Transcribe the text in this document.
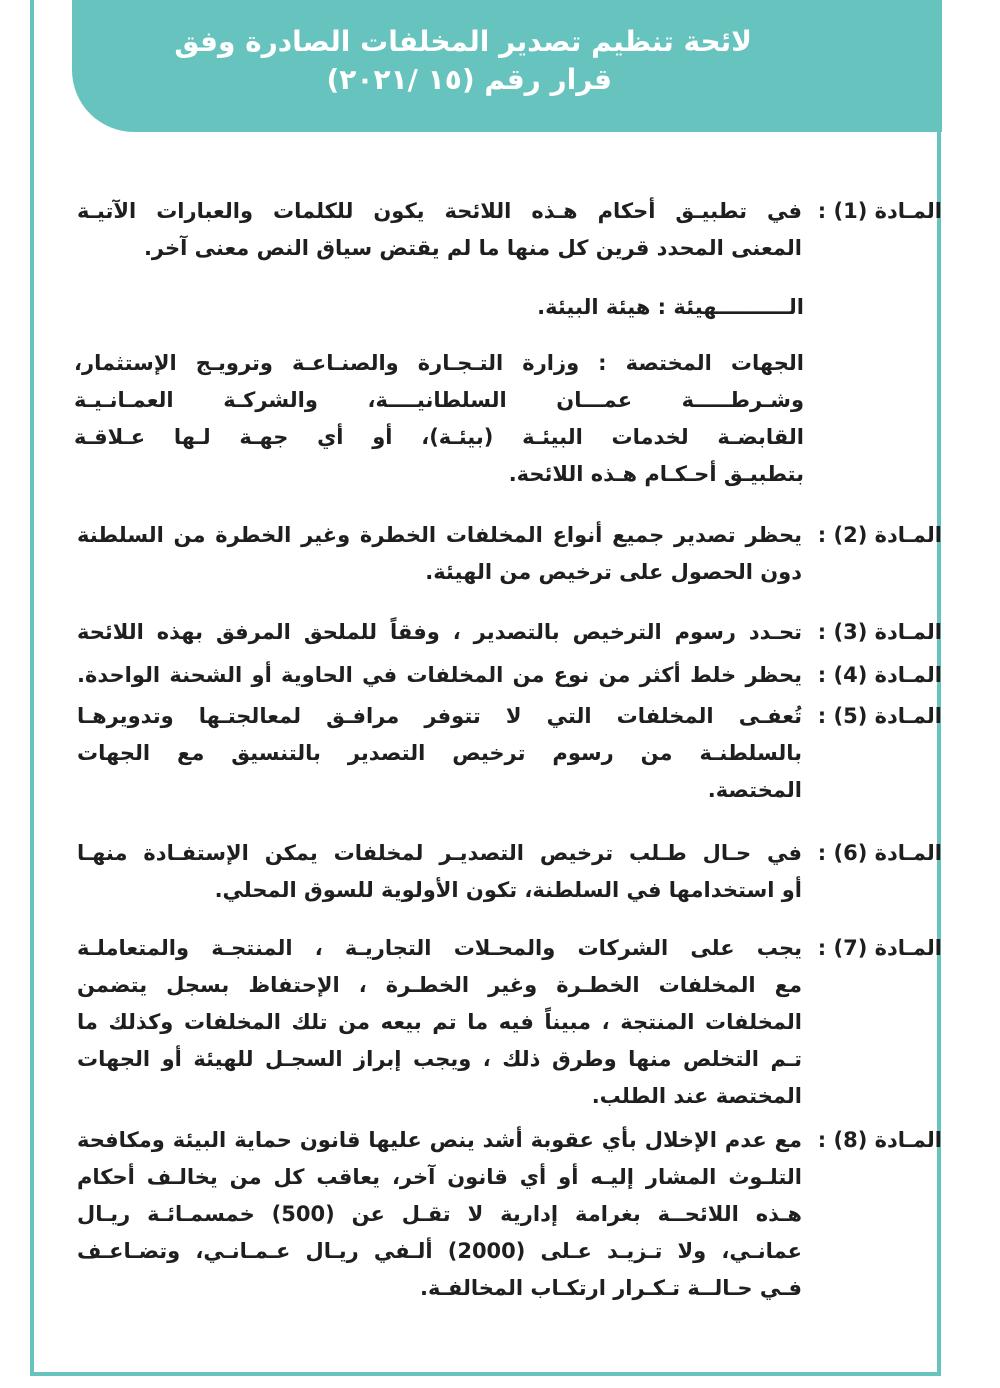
لائحة تنظيم تصدير المخلفات الصادرة وفق
قرار رقم (١٥ /٢٠٢١)
المـادة (1) :
في تطبيـق أحكام هـذه اللائحة يكون للكلمات والعبارات الآتيـة
المعنى المحدد قرين كل منها ما لم يقتض سياق النص معنى آخر.
الــــــــــهيئة : هيئة البيئة.
الجهات المختصة : وزارة التـجـارة والصنـاعـة وترويـج الإستثمار،
وشـرطـــــة عمـــان السلطانيــــة، والشركـة العمـانـيـة
القابضـة لخدمات البيئـة (بيئـة)، أو أي جهـة لـها عـلاقـة
بتطبيـق أحـكـام هـذه اللائحة.
المـادة (2) :
يحظر تصدير جميع أنواع المخلفات الخطرة وغير الخطرة من السلطنة
دون الحصول على ترخيص من الهيئة.
المـادة (3) :
تحـدد رسوم الترخيص بالتصدير ، وفقاً للملحق المرفق بهذه اللائحة
المـادة (4) :
يحظر خلط أكثر من نوع من المخلفات في الحاوية أو الشحنة الواحدة.
المـادة (5) :
تُعفـى المخلفات التي لا تتوفر مرافـق لمعالجتـها وتدويرهـا
بالسلطنـة من رسوم ترخيص التصدير بالتنسيق مع الجهات
المختصة.
المـادة (6) :
في حـال طـلب ترخيص التصديـر لمخلفات يمكن الإستفـادة منهـا
أو استخدامها في السلطنة، تكون الأولوية للسوق المحلي.
المـادة (7) :
يجب على الشركات والمحـلات التجاريـة ، المنتجـة والمتعاملـة
مع المخلفات الخطـرة وغير الخطـرة ، الإحتفاظ بسجل يتضمن
المخلفات المنتجة ، مبيناً فيه ما تم بيعه من تلك المخلفات وكذلك ما
تـم التخلص منها وطرق ذلك ، ويجب إبراز السجـل للهيئة أو الجهات
المختصة عند الطلب.
المـادة (8) :
مع عدم الإخلال بأي عقوبة أشد ينص عليها قانون حماية البيئة ومكافحة
التلـوث المشار إليـه أو أي قانون آخر، يعاقب كل من يخالـف أحكام
هـذه اللائحــة بغرامة إدارية لا تقـل عن (500) خمسمـائـة ريـال
عمانـي، ولا تـزيـد عـلى (2000) ألـفي ريـال عـمـانـي، وتضـاعـف
فـي حـالــة تـكـرار ارتكـاب المخالفـة.
